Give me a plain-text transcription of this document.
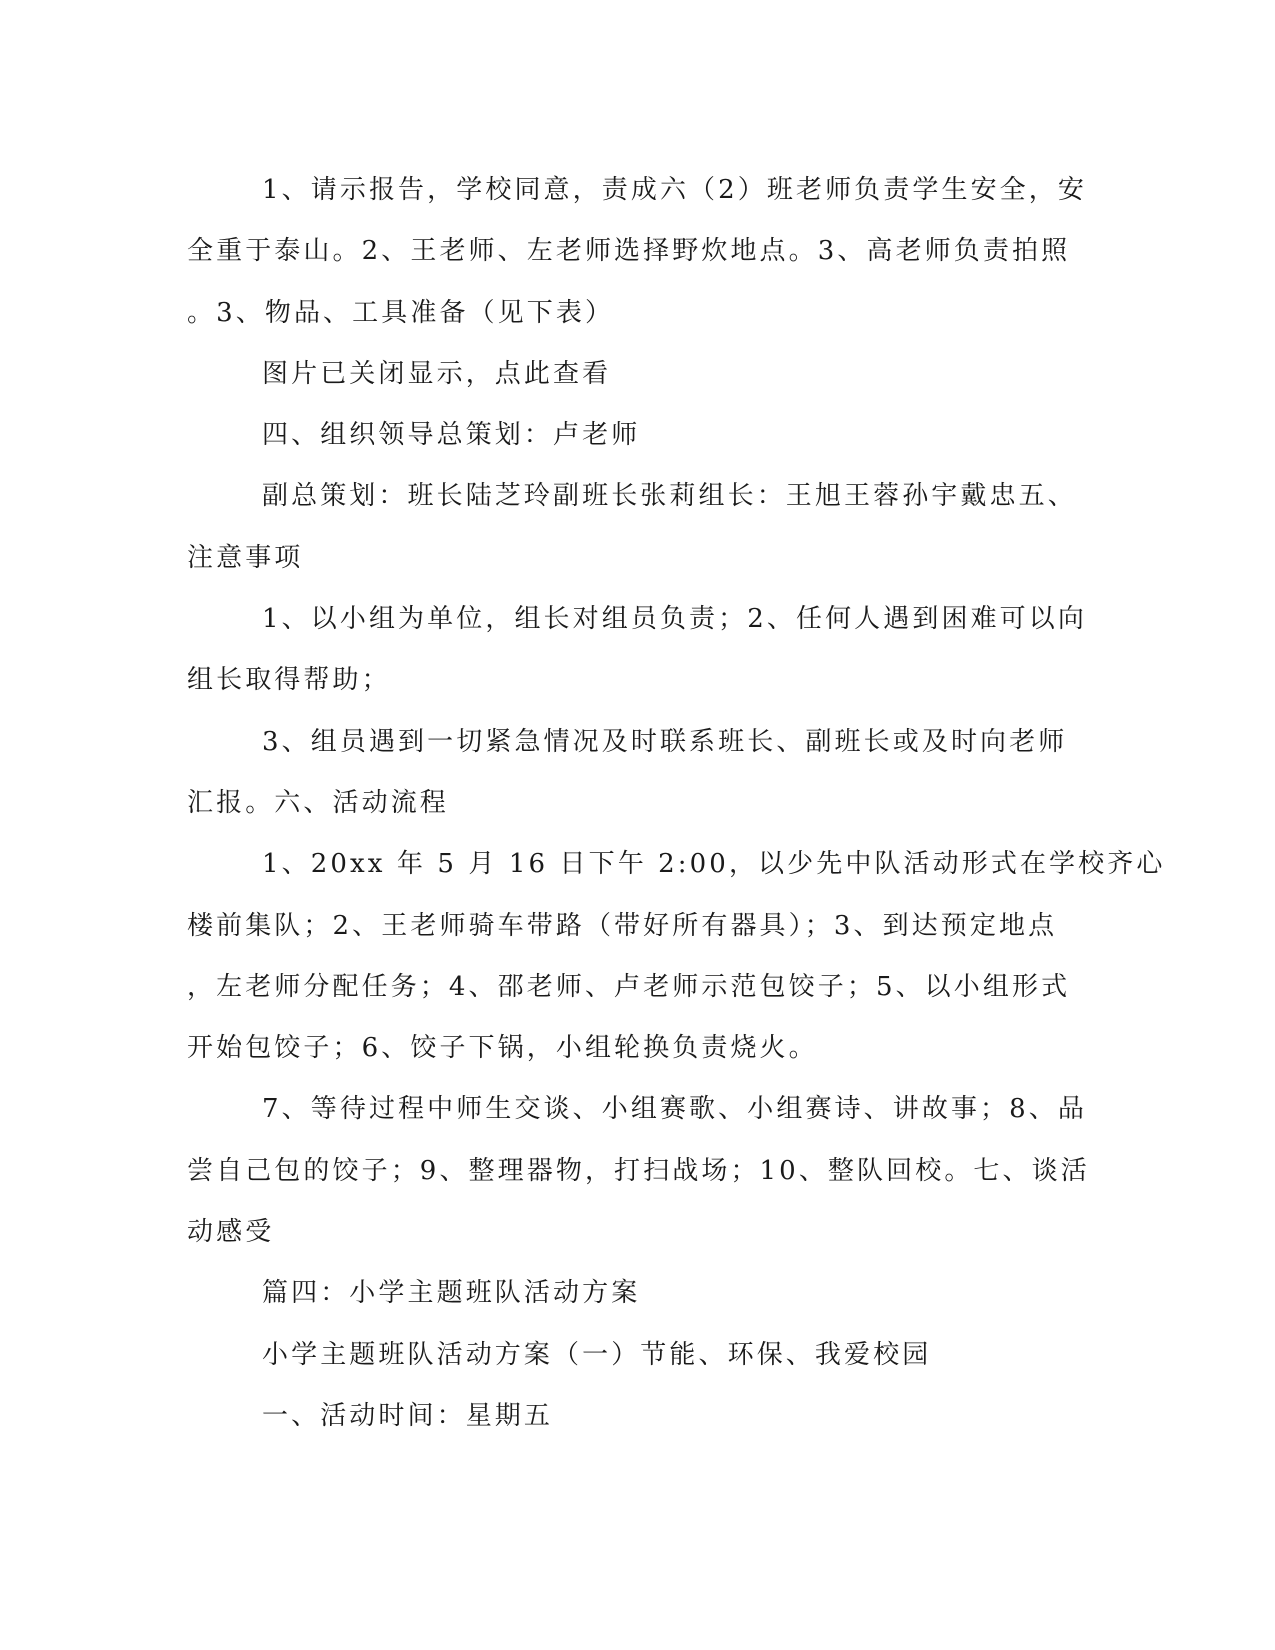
1、请示报告，学校同意，责成六（2）班老师负责学生安全，安
全重于泰山。2、王老师、左老师选择野炊地点。3、高老师负责拍照
。3、物品、工具准备（见下表）
图片已关闭显示，点此查看
四、组织领导总策划：卢老师
副总策划：班长陆芝玲副班长张莉组长：王旭王蓉孙宇戴忠五、
注意事项
1、以小组为单位，组长对组员负责；2、任何人遇到困难可以向
组长取得帮助；
3、组员遇到一切紧急情况及时联系班长、副班长或及时向老师
汇报。六、活动流程
1、20xx 年 5 月 16 日下午 2:00，以少先中队活动形式在学校齐心
楼前集队；2、王老师骑车带路（带好所有器具）；3、到达预定地点
，左老师分配任务；4、邵老师、卢老师示范包饺子；5、以小组形式
开始包饺子；6、饺子下锅，小组轮换负责烧火。
7、等待过程中师生交谈、小组赛歌、小组赛诗、讲故事；8、品
尝自己包的饺子；9、整理器物，打扫战场；10、整队回校。七、谈活
动感受
篇四：小学主题班队活动方案
小学主题班队活动方案（一）节能、环保、我爱校园
一、活动时间：星期五
